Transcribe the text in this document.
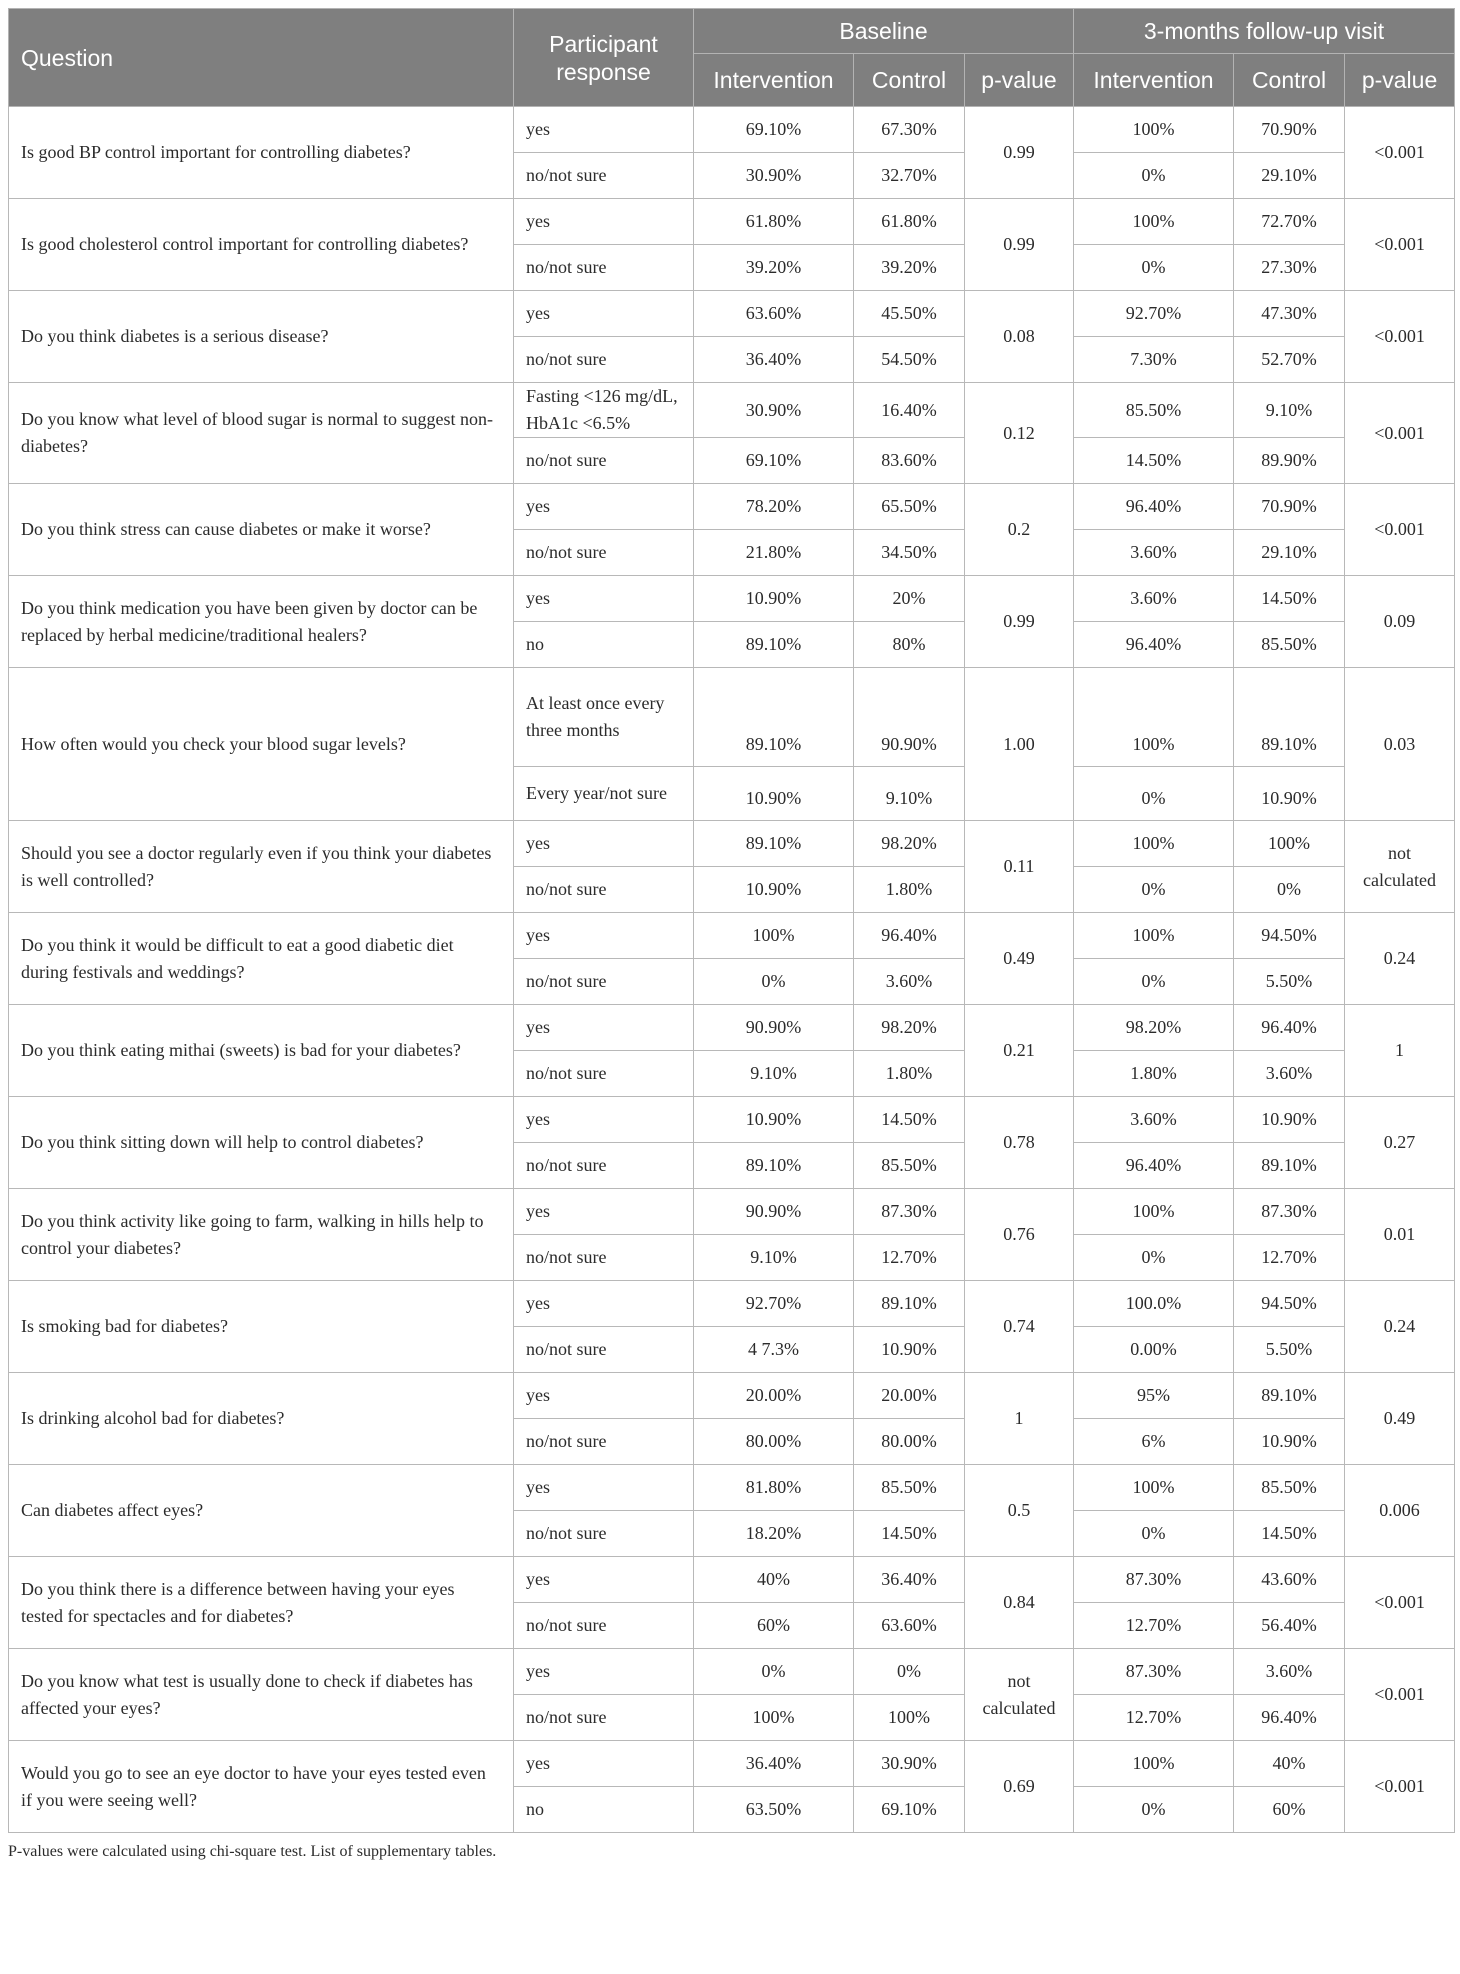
Question	Participant response	Baseline			3-months follow-up visit		
		Intervention	Control	p-value	Intervention	Control	p-value
Is good BP control important for controlling diabetes?	yes	69.10%	67.30%	0.99	100%	70.90%	<0.001
	no/not sure	30.90%	32.70%		0%	29.10%	
Is good cholesterol control important for controlling diabetes?	yes	61.80%	61.80%	0.99	100%	72.70%	<0.001
	no/not sure	39.20%	39.20%		0%	27.30%	
Do you think diabetes is a serious disease?	yes	63.60%	45.50%	0.08	92.70%	47.30%	<0.001
	no/not sure	36.40%	54.50%		7.30%	52.70%	
Do you know what level of blood sugar is normal to suggest non-diabetes?	Fasting <126 mg/dL, HbA1c <6.5%	30.90%	16.40%	0.12	85.50%	9.10%	<0.001
	no/not sure	69.10%	83.60%		14.50%	89.90%	
Do you think stress can cause diabetes or make it worse?	yes	78.20%	65.50%	0.2	96.40%	70.90%	<0.001
	no/not sure	21.80%	34.50%		3.60%	29.10%	
Do you think medication you have been given by doctor can be replaced by herbal medicine/traditional healers?	yes	10.90%	20%	0.99	3.60%	14.50%	0.09
	no	89.10%	80%		96.40%	85.50%	
How often would you check your blood sugar levels?	At least once every three months	89.10%	90.90%	1.00	100%	89.10%	0.03
	Every year/not sure	10.90%	9.10%		0%	10.90%	
Should you see a doctor regularly even if you think your diabetes is well controlled?	yes	89.10%	98.20%	0.11	100%	100%	not calculated
	no/not sure	10.90%	1.80%		0%	0%	
Do you think it would be difficult to eat a good diabetic diet during festivals and weddings?	yes	100%	96.40%	0.49	100%	94.50%	0.24
	no/not sure	0%	3.60%		0%	5.50%	
Do you think eating mithai (sweets) is bad for your diabetes?	yes	90.90%	98.20%	0.21	98.20%	96.40%	1
	no/not sure	9.10%	1.80%		1.80%	3.60%	
Do you think sitting down will help to control diabetes?	yes	10.90%	14.50%	0.78	3.60%	10.90%	0.27
	no/not sure	89.10%	85.50%		96.40%	89.10%	
Do you think activity like going to farm, walking in hills help to control your diabetes?	yes	90.90%	87.30%	0.76	100%	87.30%	0.01
	no/not sure	9.10%	12.70%		0%	12.70%	
Is smoking bad for diabetes?	yes	92.70%	89.10%	0.74	100.0%	94.50%	0.24
	no/not sure	4 7.3%	10.90%		0.00%	5.50%	
Is drinking alcohol bad for diabetes?	yes	20.00%	20.00%	1	95%	89.10%	0.49
	no/not sure	80.00%	80.00%		6%	10.90%	
Can diabetes affect eyes?	yes	81.80%	85.50%	0.5	100%	85.50%	0.006
	no/not sure	18.20%	14.50%		0%	14.50%	
Do you think there is a difference between having your eyes tested for spectacles and for diabetes?	yes	40%	36.40%	0.84	87.30%	43.60%	<0.001
	no/not sure	60%	63.60%		12.70%	56.40%	
Do you know what test is usually done to check if diabetes has affected your eyes?	yes	0%	0%	not calculated	87.30%	3.60%	<0.001
	no/not sure	100%	100%		12.70%	96.40%	
Would you go to see an eye doctor to have your eyes tested even if you were seeing well?	yes	36.40%	30.90%	0.69	100%	40%	<0.001
	no	63.50%	69.10%		0%	60%	
P-values were calculated using chi-square test. List of supplementary tables.
